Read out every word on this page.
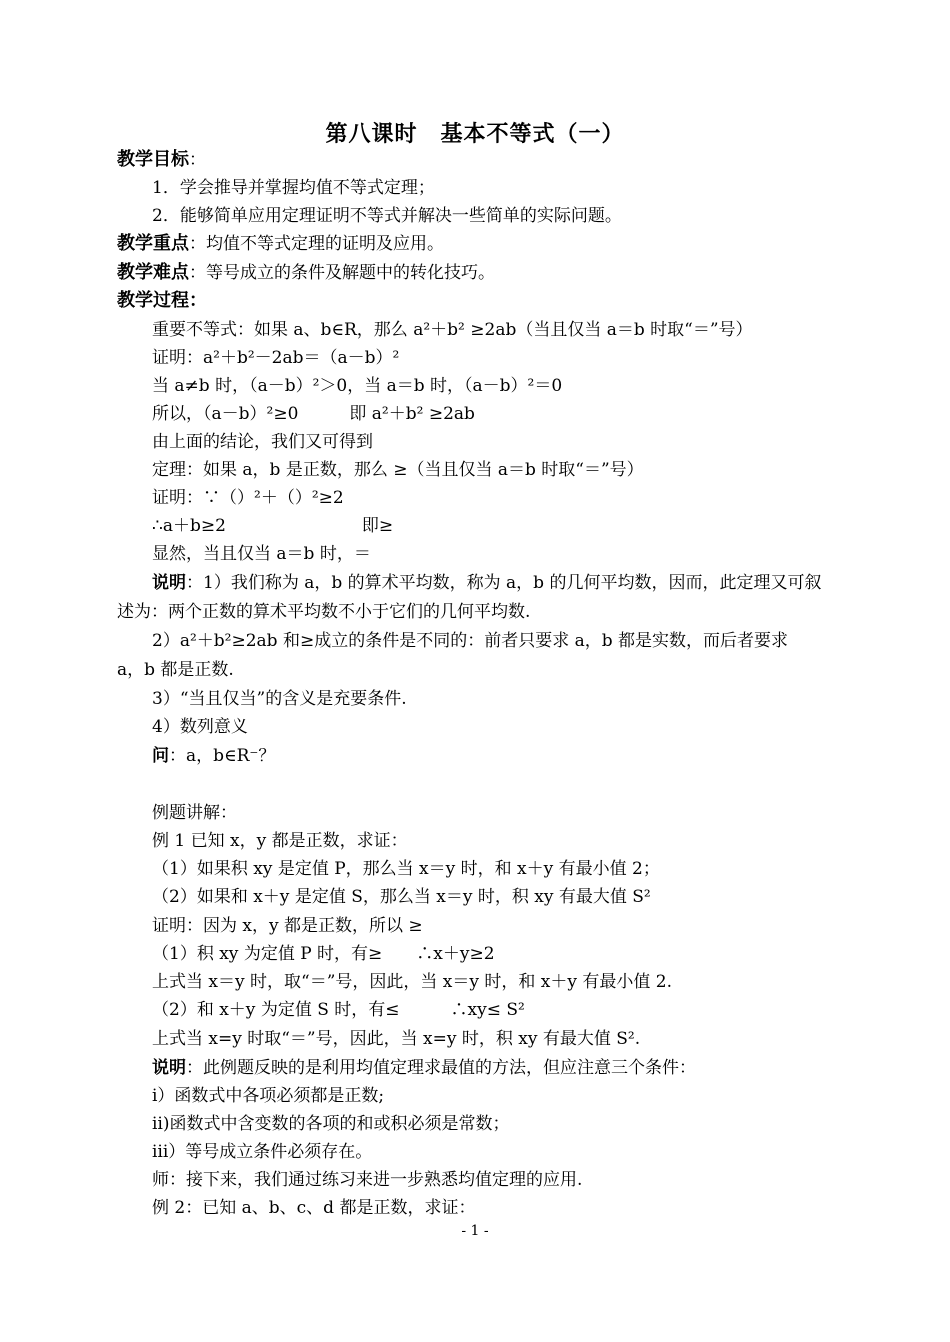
第八课时　基本不等式（一）
教学目标：
1．学会推导并掌握均值不等式定理；
2．能够简单应用定理证明不等式并解决一些简单的实际问题。
教学重点：均值不等式定理的证明及应用。
教学难点：等号成立的条件及解题中的转化技巧。
教学过程：
重要不等式：如果 a、b∈R，那么 a²＋b² ≥2ab（当且仅当 a＝b 时取“＝”号）
证明：a²＋b²－2ab＝（a－b）²
当 a≠b 时，（a－b）²＞0，当 a＝b 时，（a－b）²＝0
所以，（a－b）²≥0　　　即 a²＋b² ≥2ab
由上面的结论，我们又可得到
定理：如果 a，b 是正数，那么 ≥（当且仅当 a＝b 时取“＝”号）
证明：∵（）²＋（）²≥2
∴a＋b≥2　　　　　　　　即≥
显然，当且仅当 a＝b 时，＝
说明：1）我们称为 a，b 的算术平均数，称为 a，b 的几何平均数，因而，此定理又可叙
述为：两个正数的算术平均数不小于它们的几何平均数.
2）a²＋b²≥2ab 和≥成立的条件是不同的：前者只要求 a，b 都是实数，而后者要求
a，b 都是正数.
3）“当且仅当”的含义是充要条件.
4）数列意义
问：a，b∈R⁻？
例题讲解：
例 1 已知 x，y 都是正数，求证：
（1）如果积 xy 是定值 P，那么当 x＝y 时，和 x＋y 有最小值 2；
（2）如果和 x＋y 是定值 S，那么当 x＝y 时，积 xy 有最大值 S²
证明：因为 x，y 都是正数，所以 ≥
（1）积 xy 为定值 P 时，有≥　　∴x＋y≥2
上式当 x＝y 时，取“＝”号，因此，当 x＝y 时，和 x＋y 有最小值 2.
（2）和 x＋y 为定值 S 时，有≤　　　∴xy≤ S²
上式当 x=y 时取“＝”号，因此，当 x=y 时，积 xy 有最大值 S².
说明：此例题反映的是利用均值定理求最值的方法，但应注意三个条件：
ⅰ）函数式中各项必须都是正数;
ⅱ)函数式中含变数的各项的和或积必须是常数；
ⅲ）等号成立条件必须存在。
师：接下来，我们通过练习来进一步熟悉均值定理的应用.
例 2：已知 a、b、c、d 都是正数，求证：
- 1 -
